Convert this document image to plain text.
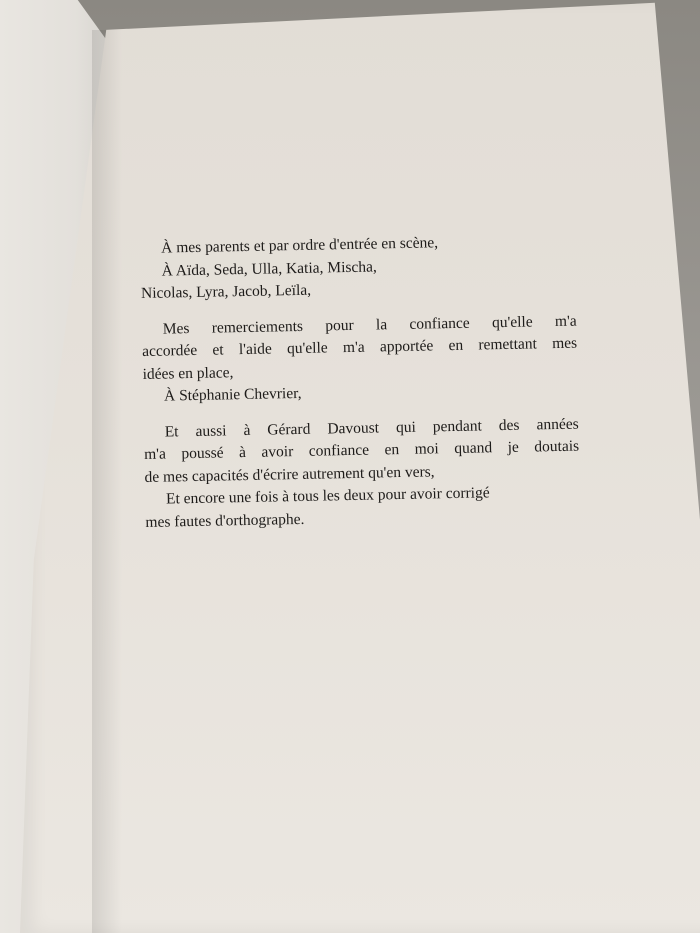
À mes parents et par ordre d'entrée en scène,
À Aïda, Seda, Ulla, Katia, Mischa,
Nicolas, Lyra, Jacob, Leïla,
Mes remerciements pour la confiance qu'elle m'a
accordée et l'aide qu'elle m'a apportée en remettant mes
idées en place,
À Stéphanie Chevrier,
Et aussi à Gérard Davoust qui pendant des années
m'a poussé à avoir confiance en moi quand je doutais
de mes capacités d'écrire autrement qu'en vers,
Et encore une fois à tous les deux pour avoir corrigé
mes fautes d'orthographe.
